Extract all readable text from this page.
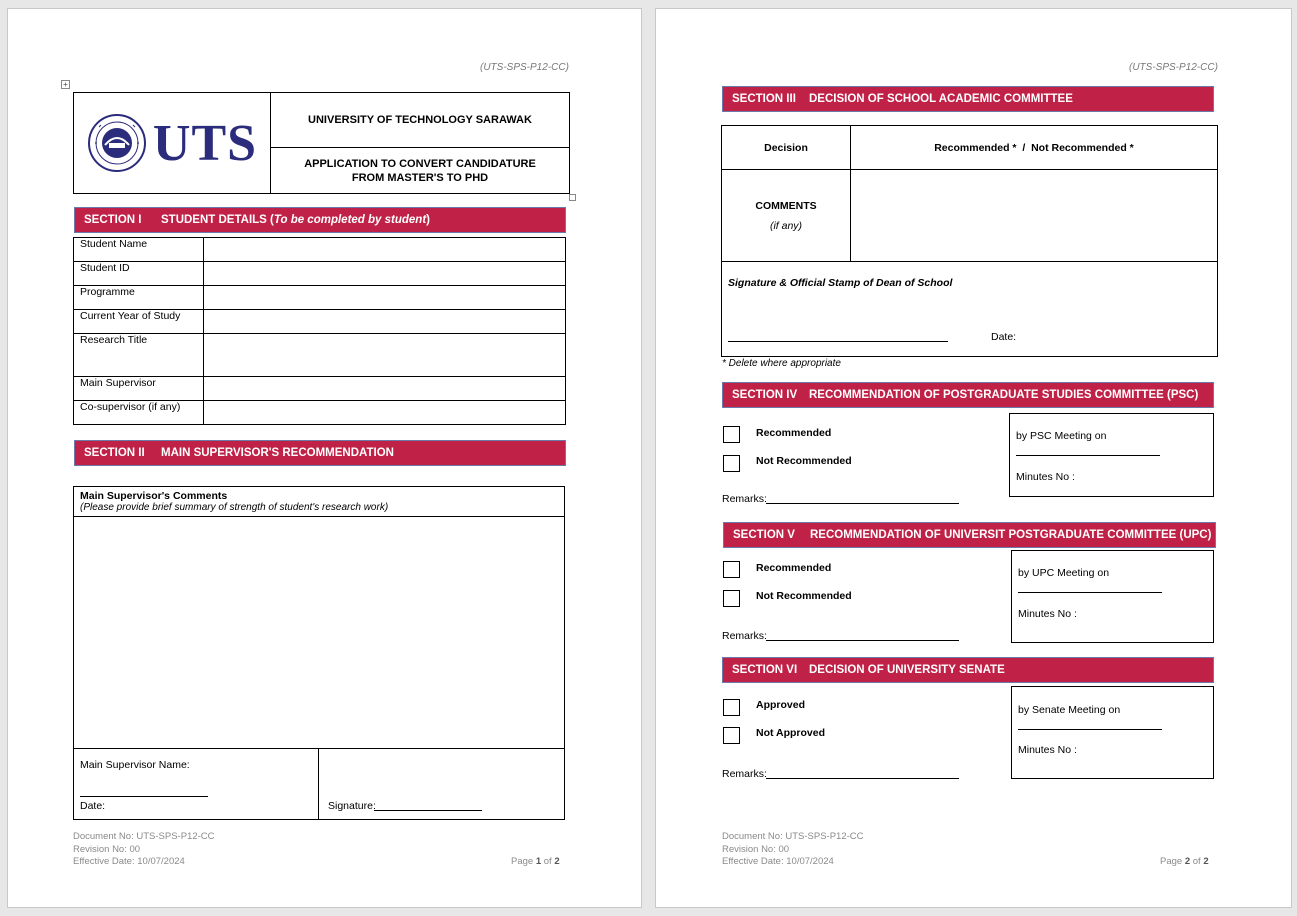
(UTS-SPS-P12-CC)
+
UTS	UNIVERSITY OF TECHNOLOGY SARAWAK
APPLICATION TO CONVERT CANDIDATURE
FROM MASTER'S TO PHD
SECTION I	STUDENT DETAILS (To be completed by student)
Student Name	
Student ID	
Programme	
Current Year of Study	
Research Title	
Main Supervisor	
Co-supervisor (if any)	
SECTION II	MAIN SUPERVISOR'S RECOMMENDATION
Main Supervisor's Comments
(Please provide brief summary of strength of student's research work)
Main Supervisor Name:
Date:	Signature:
Document No: UTS-SPS-P12-CC
Revision No: 00
Effective Date: 10/07/2024	Page 1 of 2
(UTS-SPS-P12-CC)
SECTION III	DECISION OF SCHOOL ACADEMIC COMMITTEE
Decision	Recommended *  /  Not Recommended *
COMMENTS
(if any)
Signature & Official Stamp of Dean of School
Date:
* Delete where appropriate
SECTION IV	RECOMMENDATION OF POSTGRADUATE STUDIES COMMITTEE (PSC)
Recommended
Not Recommended
Remarks:
by PSC Meeting on
Minutes No :
SECTION V	RECOMMENDATION OF UNIVERSIT POSTGRADUATE COMMITTEE (UPC)
Recommended
Not Recommended
Remarks:
by UPC Meeting on
Minutes No :
SECTION VI	DECISION OF UNIVERSITY SENATE
Approved
Not Approved
Remarks:
by Senate Meeting on
Minutes No :
Document No: UTS-SPS-P12-CC
Revision No: 00
Effective Date: 10/07/2024	Page 2 of 2
